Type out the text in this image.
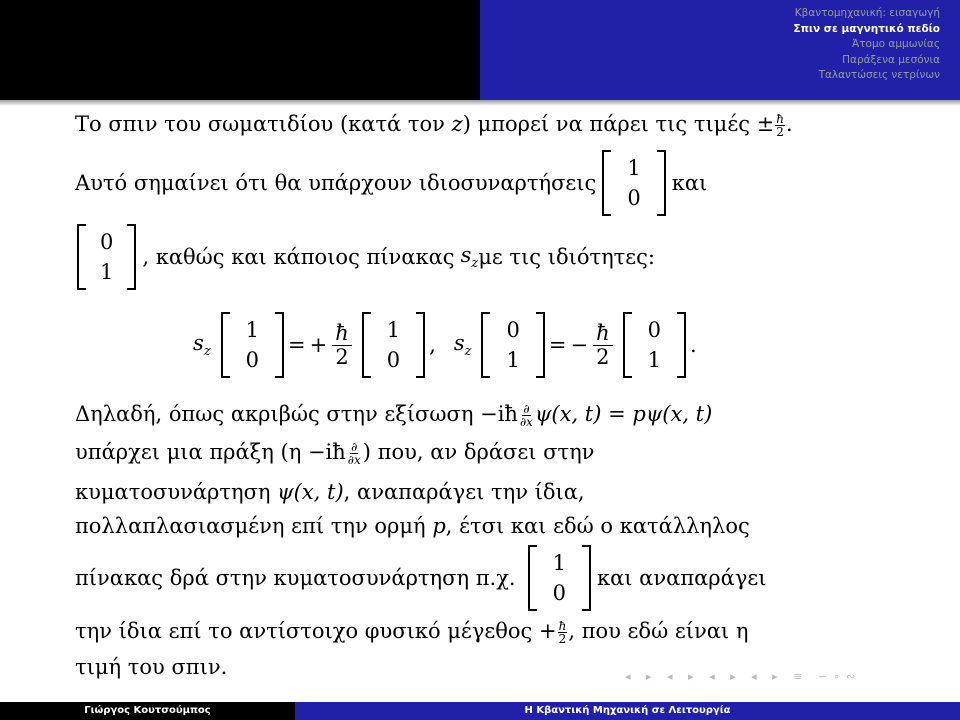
Κβαντομηχανική: εισαγωγή
Σπιν σε μαγνητικό πεδίο
Άτομο αμμωνίας
Παράξενα μεσόνια
Ταλαντώσεις νετρίνων
Το σπιν του σωματιδίου (κατά τον z) μπορεί να πάρει τις $\tau\iota\mu έ\varsigma \pm \frac{ħ}{2}$ .
Αυτό σημαίνει ότι θα υπάρχουν ιδιοσυναρτήσεις
1
0
και
0
1
, καθώς και κάποιος πίνακας $s_z$ με τις ιδιότητες:
$s_z$
1
0
= + $\frac{ħ}{2} 1$
0
, $s_z$
0
1
= − $\frac{ħ}{2} 0$
1
.
Δηλαδή, όπως ακριβώς στην εξίσωση −iħ $\frac{\partial}{\partial x} \psi(x$, t) = pψ(x, t)
υπάρχει μια πράξη (η −iħ $\frac{\partial}{\partial x}$ ) που, αν δράσει στην
κυματοσυνάρτηση ψ(x, t), αναπαράγει την ίδια,
πολλαπλασιασμένη επί την ορμή p, έτσι και εδώ ο κατάλληλος
πίνακας δρά στην κυματοσυνάρτηση π.χ.
1
0
και αναπαράγει
την ίδια επί το αντίστοιχο φυσικό $\mu έ\gamma\varepsilon\theta o\varsigma + \frac{ħ}{2}$ , που εδώ είναι η
τιμή του σπιν.	◂ ▸ ◂ ▸ ◂ ▸ ◂ ▸ ≡ ∽∘∾
Γιώργος Κουτσούμπος	Η Κβαντική Μηχανική σε Λειτουργία
